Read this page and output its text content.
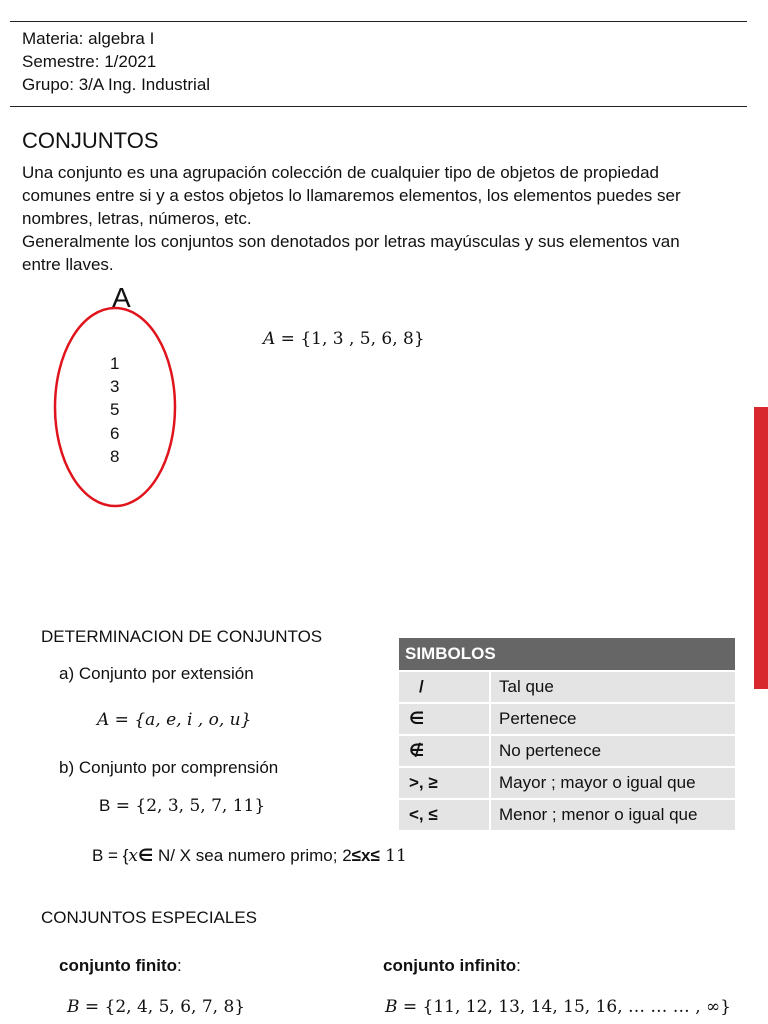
Materia: algebra I
Semestre: 1/2021
Grupo: 3/A Ing. Industrial
CONJUNTOS
Una conjunto es una agrupación colección de cualquier tipo de objetos de propiedad comunes entre si y a estos objetos lo llamaremos elementos, los elementos puedes ser nombres, letras, números, etc.
Generalmente los conjuntos son denotados por letras mayúsculas y sus elementos van entre llaves.
A
1
3
5
6
8
A = {1, 3 , 5, 6, 8}
DETERMINACION DE CONJUNTOS
a) Conjunto por extensión
A = {a, e, i , o, u}
b) Conjunto por comprensión
B = {2, 3, 5, 7, 11}
B = {x∈ N/ X sea numero primo; 2≤x≤ 11
SIMBOLOS	
/	Tal que
∈	Pertenece
∉	No pertenece
>, ≥	Mayor ; mayor o igual que
<, ≤	Menor ; menor o igual que
CONJUNTOS ESPECIALES
conjunto finito:	conjunto infinito:
B = {2, 4, 5, 6, 7, 8}	B = {11, 12, 13, 14, 15, 16, … … … , ∞}
